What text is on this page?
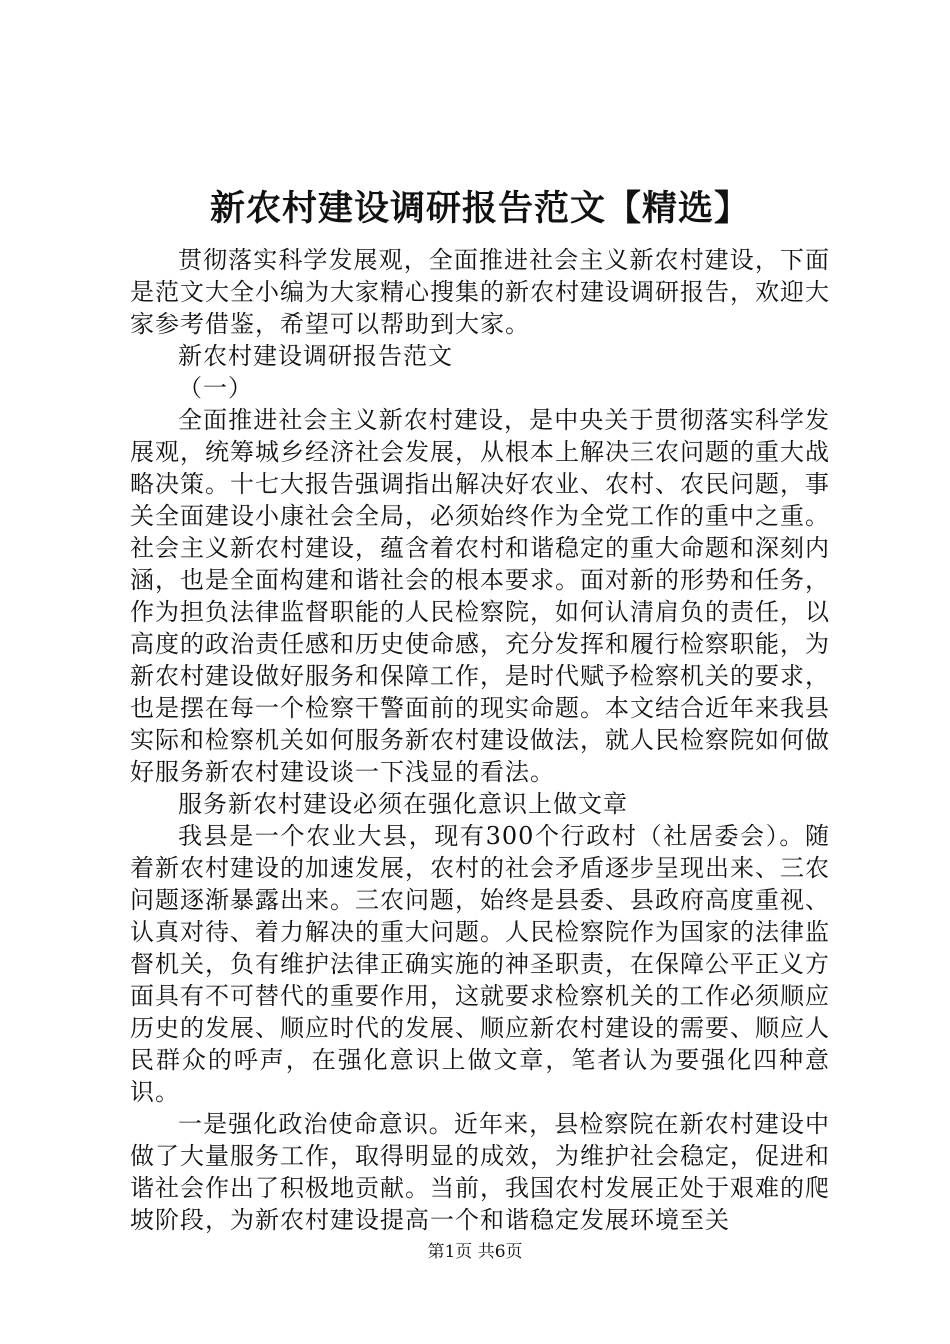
新农村建设调研报告范文【精选】

贯彻落实科学发展观，全面推进社会主义新农村建设，下面是范文大全小编为大家精心搜集的新农村建设调研报告，欢迎大家参考借鉴，希望可以帮助到大家。

新农村建设调研报告范文

（一）

全面推进社会主义新农村建设，是中央关于贯彻落实科学发展观，统筹城乡经济社会发展，从根本上解决三农问题的重大战略决策。十七大报告强调指出解决好农业、农村、农民问题，事关全面建设小康社会全局，必须始终作为全党工作的重中之重。社会主义新农村建设，蕴含着农村和谐稳定的重大命题和深刻内涵，也是全面构建和谐社会的根本要求。面对新的形势和任务，作为担负法律监督职能的人民检察院，如何认清肩负的责任，以高度的政治责任感和历史使命感，充分发挥和履行检察职能，为新农村建设做好服务和保障工作，是时代赋予检察机关的要求，也是摆在每一个检察干警面前的现实命题。本文结合近年来我县实际和检察机关如何服务新农村建设做法，就人民检察院如何做好服务新农村建设谈一下浅显的看法。

服务新农村建设必须在强化意识上做文章

我县是一个农业大县，现有300个行政村（社居委会）。随着新农村建设的加速发展，农村的社会矛盾逐步呈现出来、三农问题逐渐暴露出来。三农问题，始终是县委、县政府高度重视、认真对待、着力解决的重大问题。人民检察院作为国家的法律监督机关，负有维护法律正确实施的神圣职责，在保障公平正义方面具有不可替代的重要作用，这就要求检察机关的工作必须顺应历史的发展、顺应时代的发展、顺应新农村建设的需要、顺应人民群众的呼声，在强化意识上做文章，笔者认为要强化四种意识。

一是强化政治使命意识。近年来，县检察院在新农村建设中做了大量服务工作，取得明显的成效，为维护社会稳定，促进和谐社会作出了积极地贡献。当前，我国农村发展正处于艰难的爬坡阶段，为新农村建设提高一个和谐稳定发展环境至关

第1页 共6页
